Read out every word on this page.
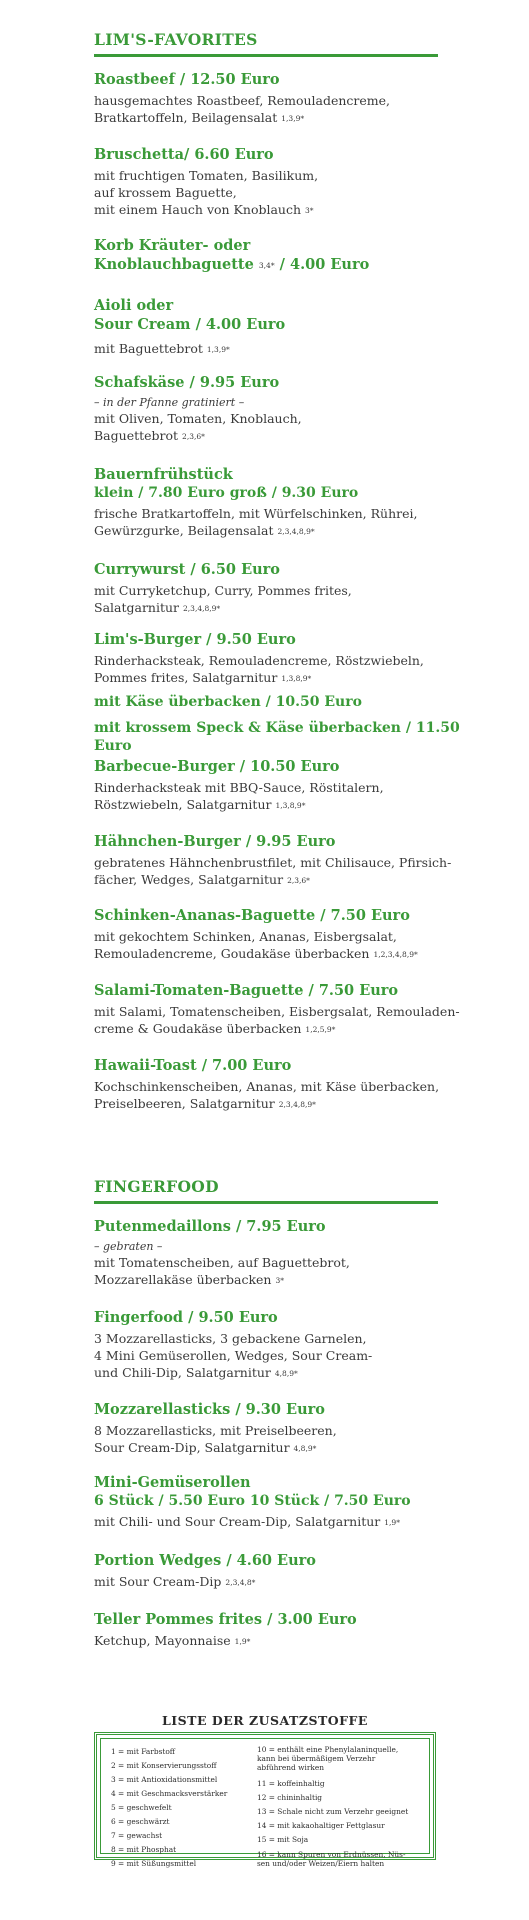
LIM'S-FAVORITES
Roastbeef / 12.50 Euro
hausgemachtes Roastbeef, Remouladencreme,
Bratkartoffeln, Beilagensalat 1,3,9*
Bruschetta/ 6.60 Euro
mit fruchtigen Tomaten, Basilikum,
auf krossem Baguette,
mit einem Hauch von Knoblauch 3*
Korb Kräuter- oder
Knoblauchbaguette 3,4* / 4.00 Euro
Aioli oder
Sour Cream / 4.00 Euro
mit Baguettebrot 1,3,9*
Schafskäse / 9.95 Euro
– in der Pfanne gratiniert –
mit Oliven, Tomaten, Knoblauch,
Baguettebrot 2,3,6*
Bauernfrühstück
klein / 7.80 Euro groß / 9.30 Euro
frische Bratkartoffeln, mit Würfelschinken, Rührei,
Gewürzgurke, Beilagensalat 2,3,4,8,9*
Currywurst / 6.50 Euro
mit Curryketchup, Curry, Pommes frites,
Salatgarnitur 2,3,4,8,9*
Lim's-Burger / 9.50 Euro
Rinderhacksteak, Remouladencreme, Röstzwiebeln,
Pommes frites, Salatgarnitur 1,3,8,9*
mit Käse überbacken / 10.50 Euro
mit krossem Speck & Käse überbacken / 11.50 Euro
Barbecue-Burger / 10.50 Euro
Rinderhacksteak mit BBQ-Sauce, Röstitalern,
Röstzwiebeln, Salatgarnitur 1,3,8,9*
Hähnchen-Burger / 9.95 Euro
gebratenes Hähnchenbrustfilet, mit Chilisauce, Pfirsich-
fächer, Wedges, Salatgarnitur 2,3,6*
Schinken-Ananas-Baguette / 7.50 Euro
mit gekochtem Schinken, Ananas, Eisbergsalat,
Remouladencreme, Goudakäse überbacken 1,2,3,4,8,9*
Salami-Tomaten-Baguette / 7.50 Euro
mit Salami, Tomatenscheiben, Eisbergsalat, Remouladen-
creme & Goudakäse überbacken 1,2,5,9*
Hawaii-Toast / 7.00 Euro
Kochschinkenscheiben, Ananas, mit Käse überbacken,
Preiselbeeren, Salatgarnitur 2,3,4,8,9*
FINGERFOOD
Putenmedaillons / 7.95 Euro
– gebraten –
mit Tomatenscheiben, auf Baguettebrot,
Mozzarellakäse überbacken 3*
Fingerfood / 9.50 Euro
3 Mozzarellasticks, 3 gebackene Garnelen,
4 Mini Gemüserollen, Wedges, Sour Cream-
und Chili-Dip, Salatgarnitur 4,8,9*
Mozzarellasticks / 9.30 Euro
8 Mozzarellasticks, mit Preiselbeeren,
Sour Cream-Dip, Salatgarnitur 4,8,9*
Mini-Gemüserollen
6 Stück / 5.50 Euro 10 Stück / 7.50 Euro
mit Chili- und Sour Cream-Dip, Salatgarnitur 1,9*
Portion Wedges / 4.60 Euro
mit Sour Cream-Dip 2,3,4,8*
Teller Pommes frites / 3.00 Euro
Ketchup, Mayonnaise 1,9*
LISTE DER ZUSATZSTOFFE
1 = mit Farbstoff
2 = mit Konservierungsstoff
3 = mit Antioxidationsmittel
4 = mit Geschmacksverstärker
5 = geschwefelt
6 = geschwärzt
7 = gewachst
8 = mit Phosphat
9 = mit Süßungsmittel
10 = enthält eine Phenylalaninquelle,
kann bei übermäßigem Verzehr
abführend wirken
11 = koffeinhaltig
12 = chininhaltig
13 = Schale nicht zum Verzehr geeignet
14 = mit kakaohaltiger Fettglasur
15 = mit Soja
16 = kann Spuren von Erdnüssen, Nüs-
sen und/oder Weizen/Eiern halten
